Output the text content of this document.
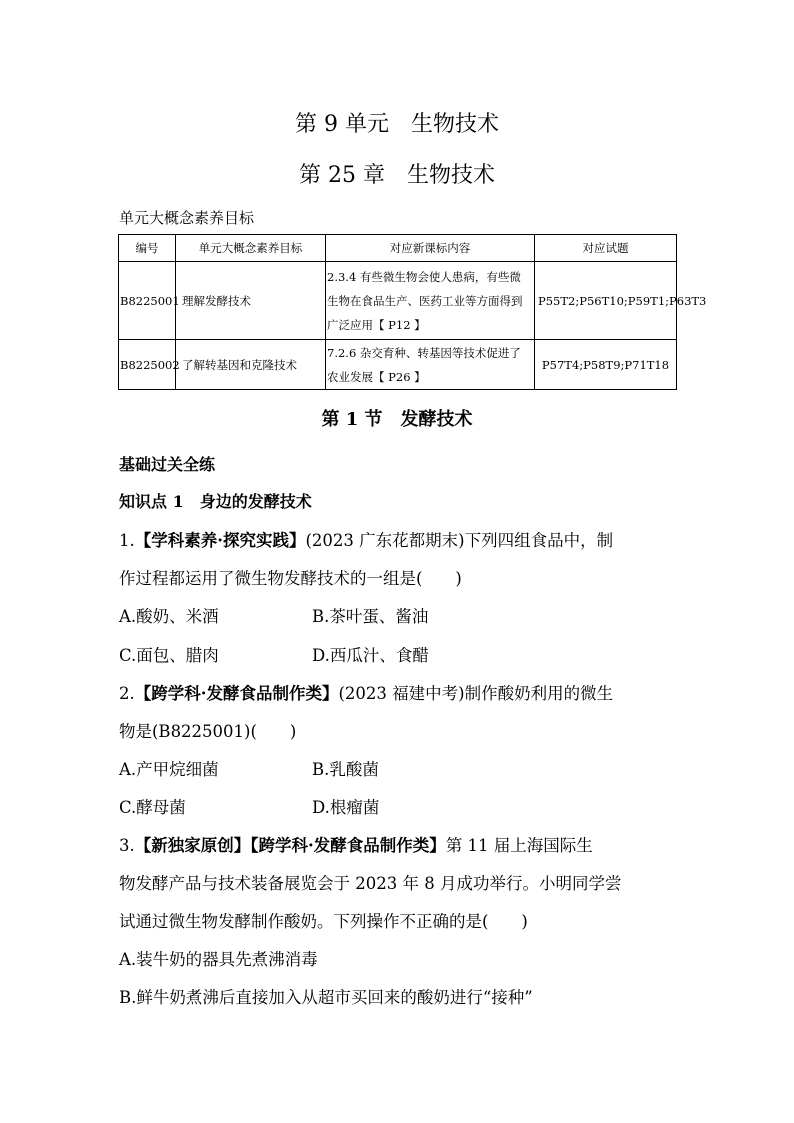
第 9 单元　生物技术
第 25 章　生物技术
单元大概念素养目标
编号	单元大概念素养目标	对应新课标内容	对应试题
B8225001	理解发酵技术	2.3.4 有些微生物会使人患病，有些微生物在食品生产、医药工业等方面得到广泛应用【 P12 】	P55T2;P56T10;P59T1;P63T3
B8225002	了解转基因和克隆技术	7.2.6 杂交育种、转基因等技术促进了农业发展【 P26 】	P57T4;P58T9;P71T18
第 1 节　发酵技术
基础过关全练
知识点 1　身边的发酵技术
1.【学科素养·探究实践】(2023 广东花都期末)下列四组食品中，制
作过程都运用了微生物发酵技术的一组是(　　)
A.酸奶、米酒	B.茶叶蛋、酱油
C.面包、腊肉	D.西瓜汁、食醋
2.【跨学科·发酵食品制作类】(2023 福建中考)制作酸奶利用的微生
物是(B8225001)(　　)
A.产甲烷细菌	B.乳酸菌
C.酵母菌	D.根瘤菌
3.【新独家原创】【跨学科·发酵食品制作类】第 11 届上海国际生
物发酵产品与技术装备展览会于 2023 年 8 月成功举行。小明同学尝
试通过微生物发酵制作酸奶。下列操作不正确的是(　　)
A.装牛奶的器具先煮沸消毒
B.鲜牛奶煮沸后直接加入从超市买回来的酸奶进行“接种”
